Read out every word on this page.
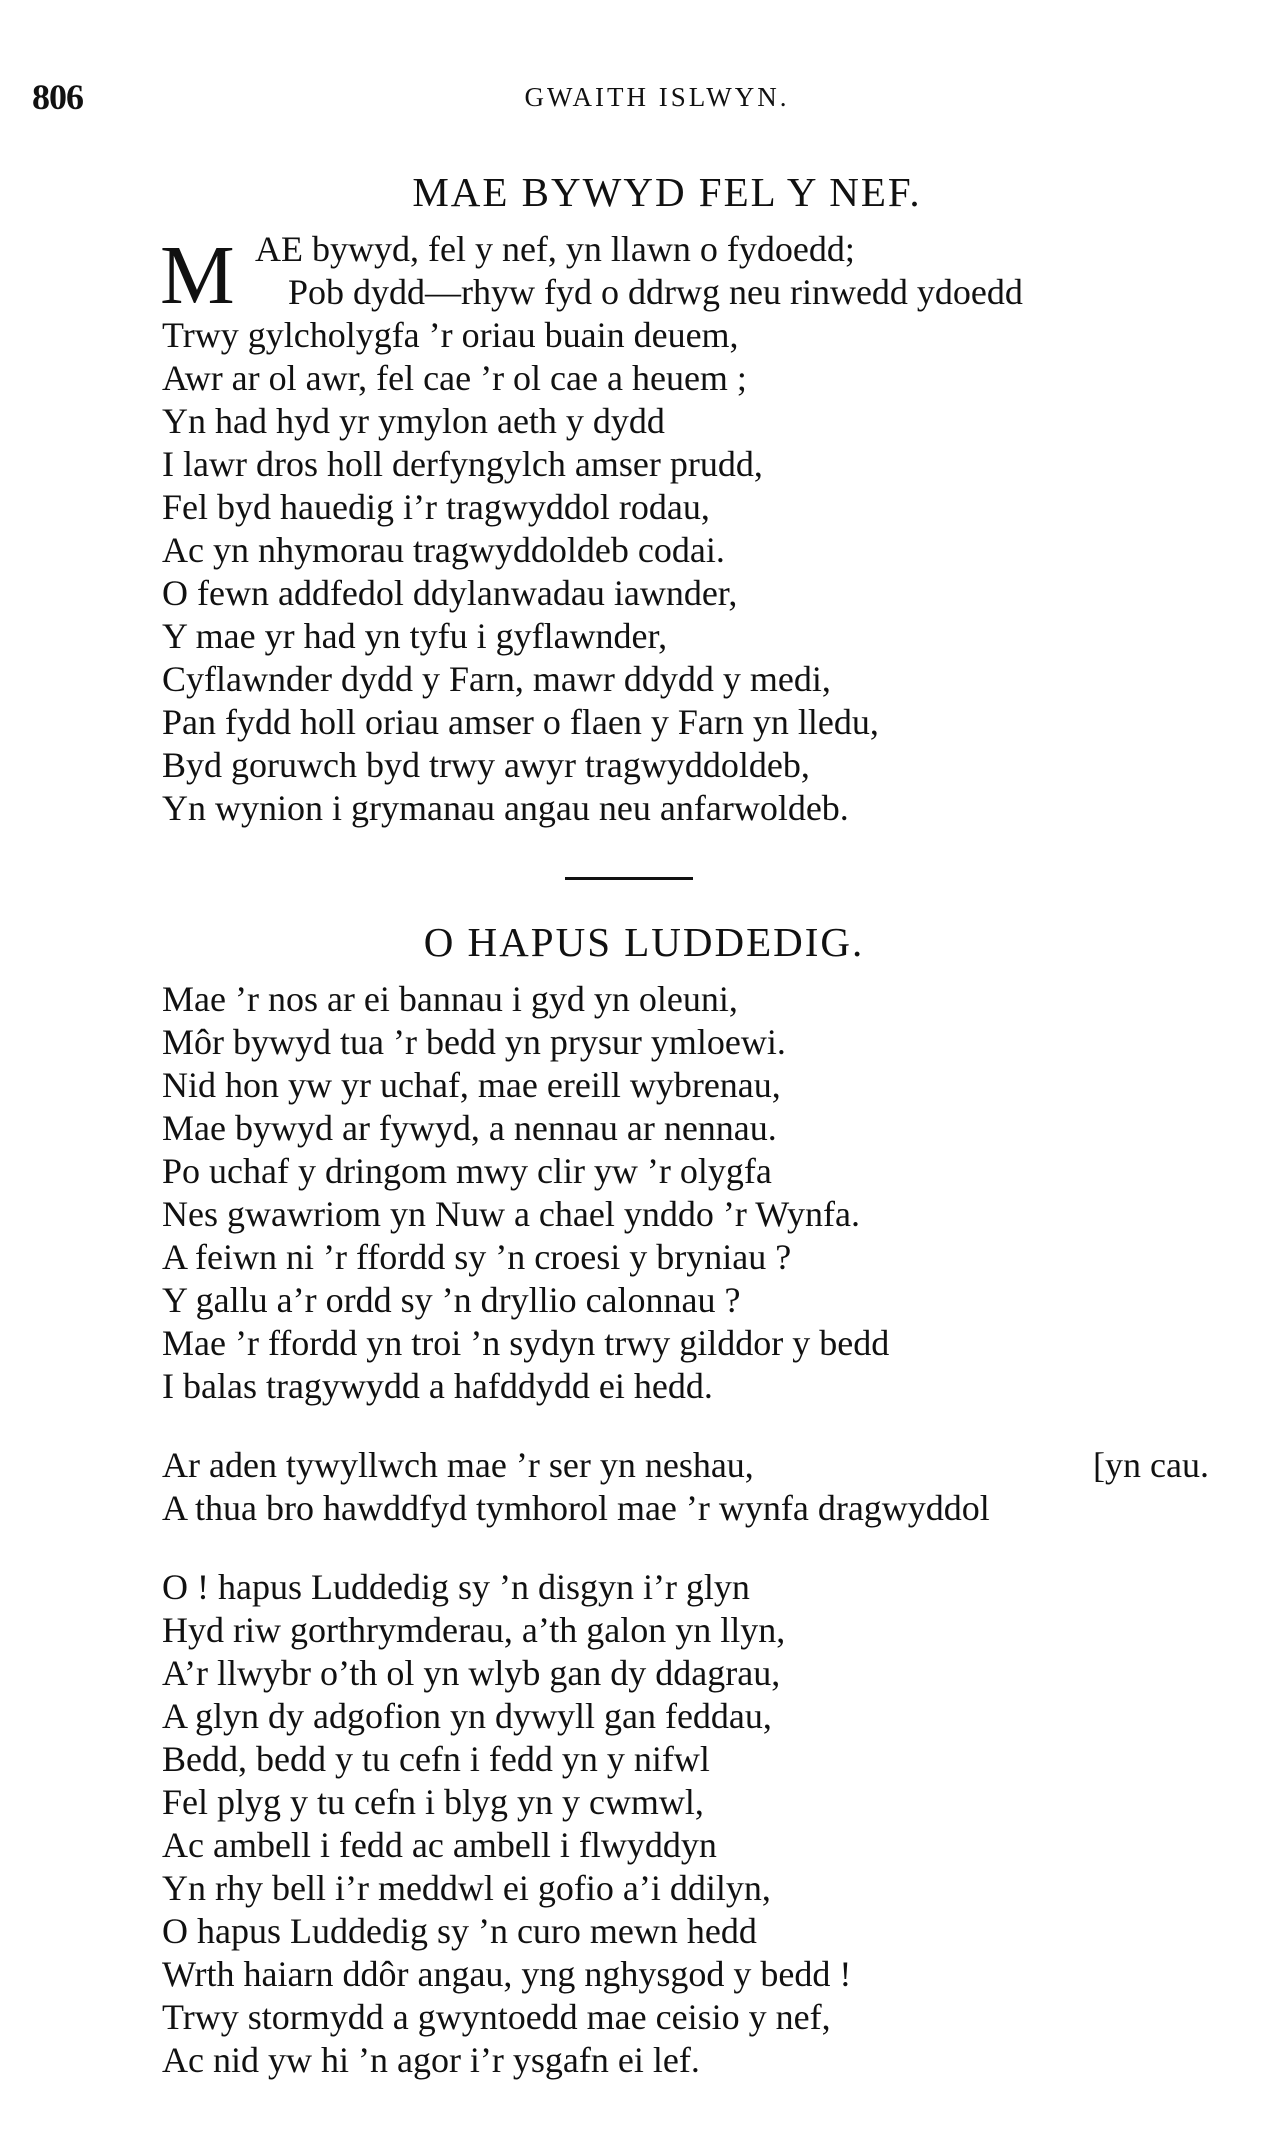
806	GWAITH ISLWYN.
MAE BYWYD FEL Y NEF.
M AE bywyd, fel y nef, yn llawn o fydoedd;
Pob dydd—rhyw fyd o ddrwg neu rinwedd ydoedd
Trwy gylcholygfa ’r oriau buain deuem,
Awr ar ol awr, fel cae ’r ol cae a heuem ;
Yn had hyd yr ymylon aeth y dydd
I lawr dros holl derfyngylch amser prudd,
Fel byd hauedig i’r tragwyddol rodau,
Ac yn nhymorau tragwyddoldeb codai.
O fewn addfedol ddylanwadau iawnder,
Y mae yr had yn tyfu i gyflawnder,
Cyflawnder dydd y Farn, mawr ddydd y medi,
Pan fydd holl oriau amser o flaen y Farn yn lledu,
Byd goruwch byd trwy awyr tragwyddoldeb,
Yn wynion i grymanau angau neu anfarwoldeb.
O HAPUS LUDDEDIG.
Mae ’r nos ar ei bannau i gyd yn oleuni,
Môr bywyd tua ’r bedd yn prysur ymloewi.
Nid hon yw yr uchaf, mae ereill wybrenau,
Mae bywyd ar fywyd, a nennau ar nennau.
Po uchaf y dringom mwy clir yw ’r olygfa
Nes gwawriom yn Nuw a chael ynddo ’r Wynfa.
A feiwn ni ’r ffordd sy ’n croesi y bryniau ?
Y gallu a’r ordd sy ’n dryllio calonnau ?
Mae ’r ffordd yn troi ’n sydyn trwy gilddor y bedd
I balas tragywydd a hafddydd ei hedd.
Ar aden tywyllwch mae ’r ser yn neshau,	[yn cau.
A thua bro hawddfyd tymhorol mae ’r wynfa dragwyddol
O ! hapus Luddedig sy ’n disgyn i’r glyn
Hyd riw gorthrymderau, a’th galon yn llyn,
A’r llwybr o’th ol yn wlyb gan dy ddagrau,
A glyn dy adgofion yn dywyll gan feddau,
Bedd, bedd y tu cefn i fedd yn y nifwl
Fel plyg y tu cefn i blyg yn y cwmwl,
Ac ambell i fedd ac ambell i flwyddyn
Yn rhy bell i’r meddwl ei gofio a’i ddilyn,
O hapus Luddedig sy ’n curo mewn hedd
Wrth haiarn ddôr angau, yng nghysgod y bedd !
Trwy stormydd a gwyntoedd mae ceisio y nef,
Ac nid yw hi ’n agor i’r ysgafn ei lef.
